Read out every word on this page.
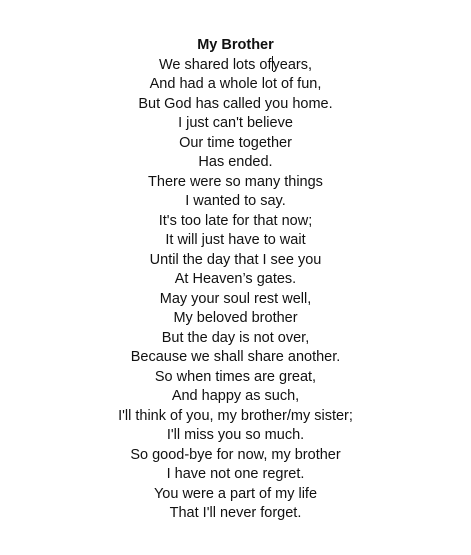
My Brother
We shared lots ofyears,
And had a whole lot of fun,
But God has called you home.
I just can't believe
Our time together
Has ended.
There were so many things
I wanted to say.
It's too late for that now;
It will just have to wait
Until the day that I see you
At Heaven’s gates.
May your soul rest well,
My beloved brother
But the day is not over,
Because we shall share another.
So when times are great,
And happy as such,
I'll think of you, my brother/my sister;
I'll miss you so much.
So good-bye for now, my brother
I have not one regret.
You were a part of my life
That I'll never forget.
